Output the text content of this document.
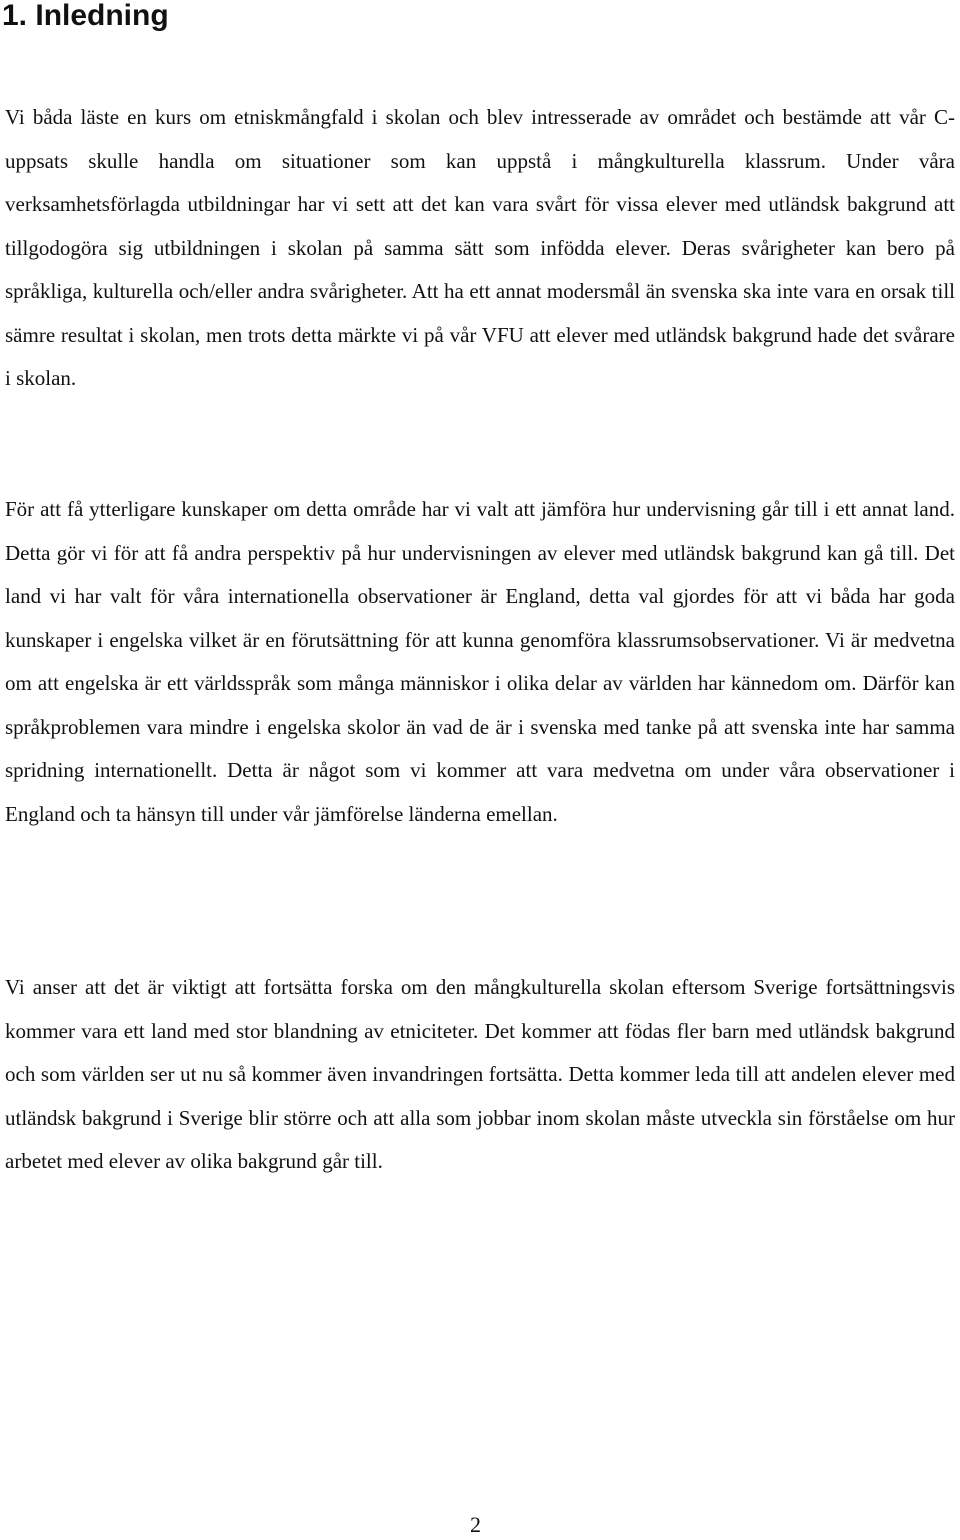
1. Inledning

Vi båda läste en kurs om etniskmångfald i skolan och blev intresserade av området och bestämde att vår C-uppsats skulle handla om situationer som kan uppstå i mångkulturella klassrum. Under våra verksamhetsförlagda utbildningar har vi sett att det kan vara svårt för vissa elever med utländsk bakgrund att tillgodogöra sig utbildningen i skolan på samma sätt som infödda elever. Deras svårigheter kan bero på språkliga, kulturella och/eller andra svårigheter. Att ha ett annat modersmål än svenska ska inte vara en orsak till sämre resultat i skolan, men trots detta märkte vi på vår VFU att elever med utländsk bakgrund hade det svårare i skolan.

För att få ytterligare kunskaper om detta område har vi valt att jämföra hur undervisning går till i ett annat land. Detta gör vi för att få andra perspektiv på hur undervisningen av elever med utländsk bakgrund kan gå till. Det land vi har valt för våra internationella observationer är England, detta val gjordes för att vi båda har goda kunskaper i engelska vilket är en förutsättning för att kunna genomföra klassrumsobservationer. Vi är medvetna om att engelska är ett världsspråk som många människor i olika delar av världen har kännedom om. Därför kan språkproblemen vara mindre i engelska skolor än vad de är i svenska med tanke på att svenska inte har samma spridning internationellt. Detta är något som vi kommer att vara medvetna om under våra observationer i England och ta hänsyn till under vår jämförelse länderna emellan.

Vi anser att det är viktigt att fortsätta forska om den mångkulturella skolan eftersom Sverige fortsättningsvis kommer vara ett land med stor blandning av etniciteter. Det kommer att födas fler barn med utländsk bakgrund och som världen ser ut nu så kommer även invandringen fortsätta. Detta kommer leda till att andelen elever med utländsk bakgrund i Sverige blir större och att alla som jobbar inom skolan måste utveckla sin förståelse om hur arbetet med elever av olika bakgrund går till.

2
